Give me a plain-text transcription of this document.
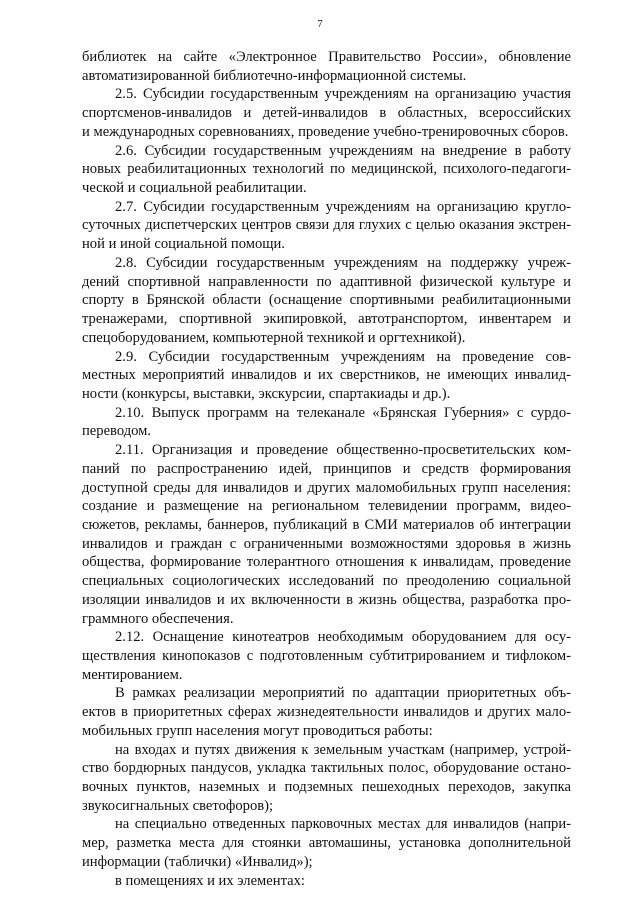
7
библиотек на сайте «Электронное Правительство России», обновление
автоматизированной библиотечно-информационной системы.
2.5. Субсидии государственным учреждениям на организацию участия
спортсменов-инвалидов и детей-инвалидов в областных, всероссийских
и международных соревнованиях, проведение учебно-тренировочных сборов.
2.6. Субсидии государственным учреждениям на внедрение в работу
новых реабилитационных технологий по медицинской, психолого-педагоги-
ческой и социальной реабилитации.
2.7. Субсидии государственным учреждениям на организацию кругло-
суточных диспетчерских центров связи для глухих с целью оказания экстрен-
ной и иной социальной помощи.
2.8. Субсидии государственным учреждениям на поддержку учреж-
дений спортивной направленности по адаптивной физической культуре и
спорту в Брянской области (оснащение спортивными реабилитационными
тренажерами, спортивной экипировкой, автотранспортом, инвентарем и
спецоборудованием, компьютерной техникой и оргтехникой).
2.9. Субсидии государственным учреждениям на проведение сов-
местных мероприятий инвалидов и их сверстников, не имеющих инвалид-
ности (конкурсы, выставки, экскурсии, спартакиады и др.).
2.10. Выпуск программ на телеканале «Брянская Губерния» с сурдо-
переводом.
2.11. Организация и проведение общественно-просветительских ком-
паний по распространению идей, принципов и средств формирования
доступной среды для инвалидов и других маломобильных групп населения:
создание и размещение на региональном телевидении программ, видео-
сюжетов, рекламы, баннеров, публикаций в СМИ материалов об интеграции
инвалидов и граждан с ограниченными возможностями здоровья в жизнь
общества, формирование толерантного отношения к инвалидам, проведение
специальных социологических исследований по преодолению социальной
изоляции инвалидов и их включенности в жизнь общества, разработка про-
граммного обеспечения.
2.12. Оснащение кинотеатров необходимым оборудованием для осу-
ществления кинопоказов с подготовленным субтитрированием и тифлоком-
ментированием.
В рамках реализации мероприятий по адаптации приоритетных объ-
ектов в приоритетных сферах жизнедеятельности инвалидов и других мало-
мобильных групп населения могут проводиться работы:
на входах и путях движения к земельным участкам (например, устрой-
ство бордюрных пандусов, укладка тактильных полос, оборудование остано-
вочных пунктов, наземных и подземных пешеходных переходов, закупка
звукосигнальных светофоров);
на специально отведенных парковочных местах для инвалидов (напри-
мер, разметка места для стоянки автомашины, установка дополнительной
информации (таблички) «Инвалид»);
в помещениях и их элементах:
